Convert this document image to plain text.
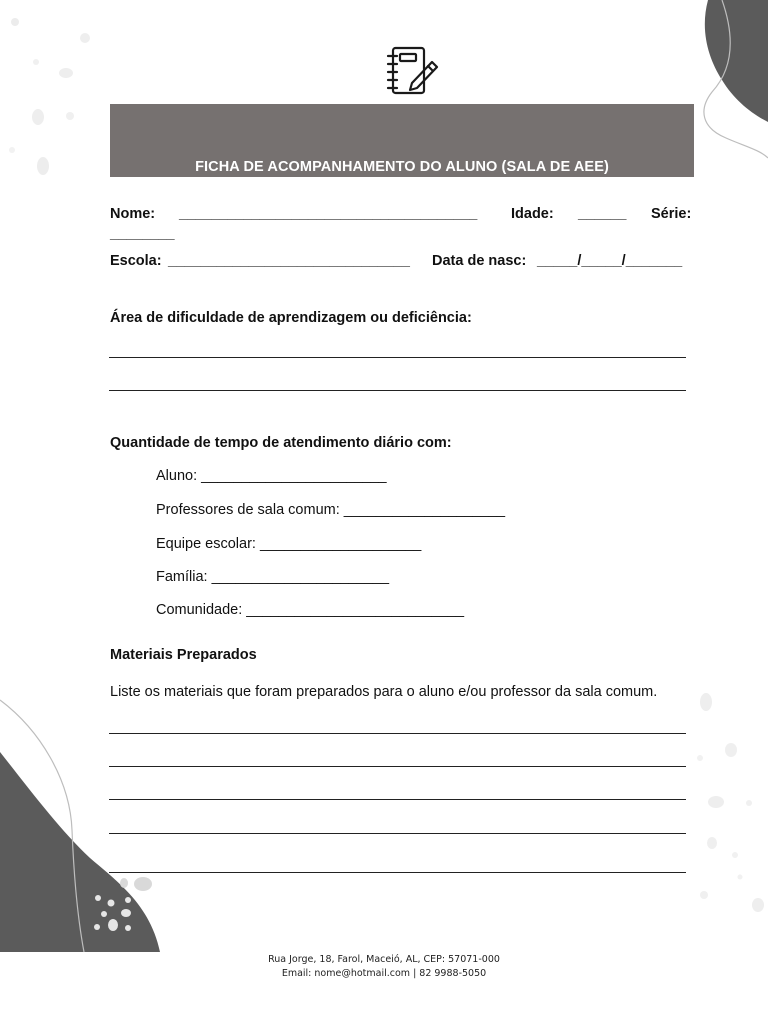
FICHA DE ACOMPANHAMENTO DO ALUNO (SALA DE AEE)
Nome: _____________________________________ Idade: ______ Série:
________
Escola: ______________________________ Data de nasc: _____/_____/_______
Área de dificuldade de aprendizagem ou deficiência:
Quantidade de tempo de atendimento diário com:
Aluno: _______________________
Professores de sala comum: ____________________
Equipe escolar: ____________________
Família: ______________________
Comunidade: ___________________________
Materiais Preparados
Liste os materiais que foram preparados para o aluno e/ou professor da sala comum.
Rua Jorge, 18, Farol, Maceió, AL, CEP: 57071-000
Email: nome@hotmail.com | 82 9988-5050
